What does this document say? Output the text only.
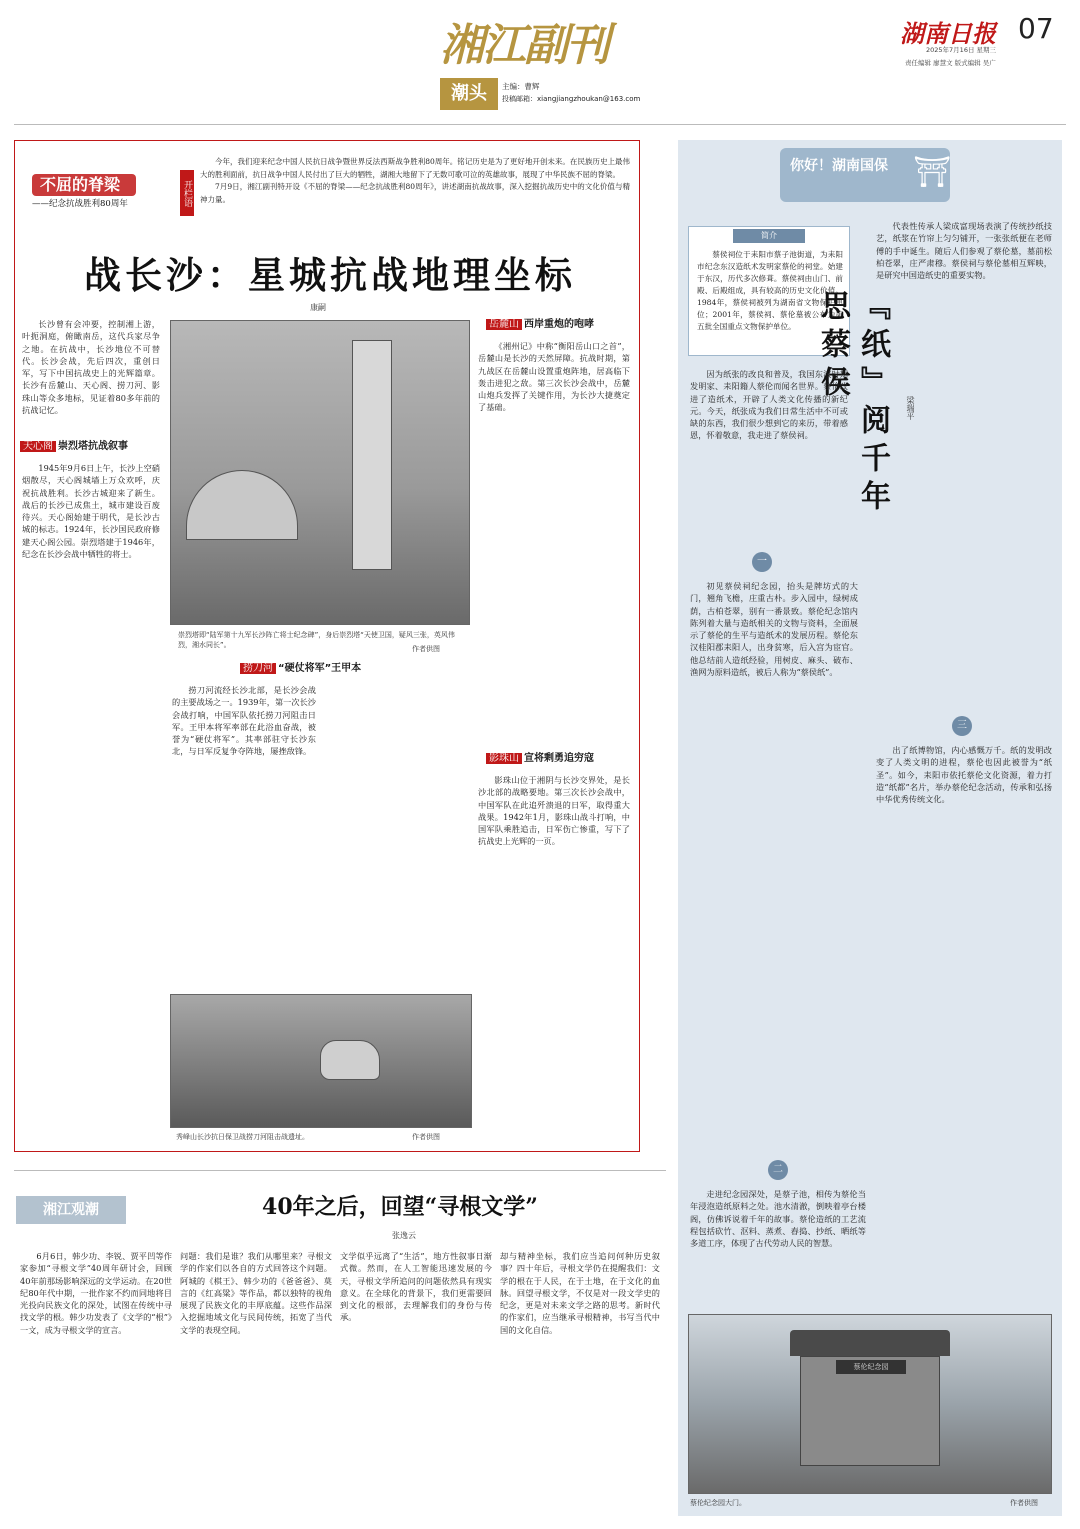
湘江副刊
潮头	主编：曹辉
投稿邮箱：xiangjiangzhoukan@163.com
湖南日报 07
2025年7月16日 星期三
责任编辑 廖慧文 版式编辑 吴广
不屈的脊梁
——纪念抗战胜利80周年	开栏语

今年，我们迎来纪念中国人民抗日战争暨世界反法西斯战争胜利80周年。铭记历史是为了更好地开创未来。在民族历史上最伟大的胜利面前，抗日战争中国人民付出了巨大的牺牲，湖湘大地留下了无数可歌可泣的英雄故事，展现了中华民族不屈的脊梁。

7月9日，湘江副刊特开设《不屈的脊梁——纪念抗战胜利80周年》，讲述湖南抗战故事，深入挖掘抗战历史中的文化价值与精神力量。

战长沙：星城抗战地理坐标
康嗣
长沙曾有会冲要，控制湘上游，叶扼洞庭，俯瞰南岳，这代兵家尽争之地。在抗战中，长沙地位不可替代。长沙会战，先后四次，重创日军，写下中国抗战史上的光辉篇章。长沙有岳麓山、天心阁、捞刀河、影珠山等众多地标，见证着80多年前的抗战记忆。
天心阁 崇烈塔抗战叙事
1945年9月6日上午，长沙上空硝烟散尽，天心阁城墙上万众欢呼，庆祝抗战胜利。长沙古城迎来了新生。战后的长沙已成焦土，城市建设百废待兴。天心阁始建于明代，是长沙古城的标志。1924年，长沙国民政府修建天心阁公园。崇烈塔建于1946年，纪念在长沙会战中牺牲的将士。
崇烈塔即“陆军第十九军长沙阵亡将士纪念碑”，身后崇烈塔“天使卫国，疑风三张，英风伟烈，湘水同长”。	作者供图
捞刀河 “硬仗将军”王甲本
捞刀河流经长沙北部，是长沙会战的主要战场之一。1939年，第一次长沙会战打响，中国军队依托捞刀河阻击日军。王甲本将军率部在此浴血奋战，被誉为“硬仗将军”。其率部驻守长沙东北，与日军反复争夺阵地，屡挫敌锋。
秀峰山长沙抗日保卫战捞刀河阻击战遗址。	作者供图
岳麓山 西岸重炮的咆哮
《湘州记》中称“衡阳岳山口之首”，岳麓山是长沙的天然屏障。抗战时期，第九战区在岳麓山设置重炮阵地，居高临下轰击进犯之敌。第三次长沙会战中，岳麓山炮兵发挥了关键作用，为长沙大捷奠定了基础。
影珠山 宣将剩勇追穷寇
影珠山位于湘阴与长沙交界处，是长沙北部的战略要地。第三次长沙会战中，中国军队在此追歼溃退的日军，取得重大战果。1942年1月，影珠山战斗打响，中国军队乘胜追击，日军伤亡惨重，写下了抗战史上光辉的一页。
你好！湖南国保 ⛩
简介
蔡侯祠位于耒阳市蔡子池街道，为耒阳市纪念东汉造纸术发明家蔡伦的祠堂。始建于东汉，历代多次修葺。蔡侯祠由山门、前殿、后殿组成，具有较高的历史文化价值。1984年，蔡侯祠被列为湖南省文物保护单位；2001年，蔡侯祠、蔡伦墓被公布为第五批全国重点文物保护单位。	『纸』阅千年思蔡侯
梁瑞平
因为纸张的改良和普及，我国东汉时期发明家、耒阳籍人蔡伦而闻名世界。蔡伦改进了造纸术，开辟了人类文化传播的新纪元。今天，纸张成为我们日常生活中不可或缺的东西，我们很少想到它的来历，带着感恩，怀着敬意，我走进了蔡侯祠。
一
初见蔡侯祠纪念园，抬头是牌坊式的大门，翘角飞檐，庄重古朴。步入园中，绿树成荫，古柏苍翠，别有一番景致。蔡伦纪念馆内陈列着大量与造纸相关的文物与资料，全面展示了蔡伦的生平与造纸术的发展历程。蔡伦东汉桂阳郡耒阳人，出身贫寒，后入宫为宦官。他总结前人造纸经验，用树皮、麻头、破布、渔网为原料造纸，被后人称为“蔡侯纸”。
二
走进纪念园深处，是蔡子池，相传为蔡伦当年浸泡造纸原料之处。池水清澈，倒映着亭台楼阁，仿佛诉说着千年的故事。蔡伦造纸的工艺流程包括砍竹、沤料、蒸煮、舂捣、抄纸、晒纸等多道工序，体现了古代劳动人民的智慧。
代表性传承人梁成富现场表演了传统抄纸技艺，纸浆在竹帘上匀匀铺开，一张张纸便在老师傅的手中诞生。随后人们参观了蔡伦墓，墓前松柏苍翠，庄严肃穆。蔡侯祠与蔡伦墓相互辉映，是研究中国造纸史的重要实物。
三
出了纸博物馆，内心感慨万千。纸的发明改变了人类文明的进程，蔡伦也因此被誉为“纸圣”。如今，耒阳市依托蔡伦文化资源，着力打造“纸都”名片，举办蔡伦纪念活动，传承和弘扬中华优秀传统文化。
蔡伦纪念园
蔡伦纪念园大门。	作者供图
湘江观潮	40年之后，回望“寻根文学”
张逸云
6月6日，韩少功、李锐、贾平凹等作家参加“寻根文学”40周年研讨会，回顾40年前那场影响深远的文学运动。在20世纪80年代中期，一批作家不约而同地将目光投向民族文化的深处，试图在传统中寻找文学的根。韩少功发表了《文学的“根”》一文，成为寻根文学的宣言。
问题：我们是谁？我们从哪里来？寻根文学的作家们以各自的方式回答这个问题。阿城的《棋王》、韩少功的《爸爸爸》、莫言的《红高粱》等作品，都以独特的视角展现了民族文化的丰厚底蕴。这些作品深入挖掘地域文化与民间传统，拓宽了当代文学的表现空间。
文学似乎远离了“生活”，地方性叙事日渐式微。然而，在人工智能迅速发展的今天，寻根文学所追问的问题依然具有现实意义。在全球化的背景下，我们更需要回到文化的根部，去理解我们的身份与传承。
却与精神坐标，我们应当追问何种历史叙事？四十年后，寻根文学仍在提醒我们：文学的根在于人民，在于土地，在于文化的血脉。回望寻根文学，不仅是对一段文学史的纪念，更是对未来文学之路的思考。新时代的作家们，应当继承寻根精神，书写当代中国的文化自信。
